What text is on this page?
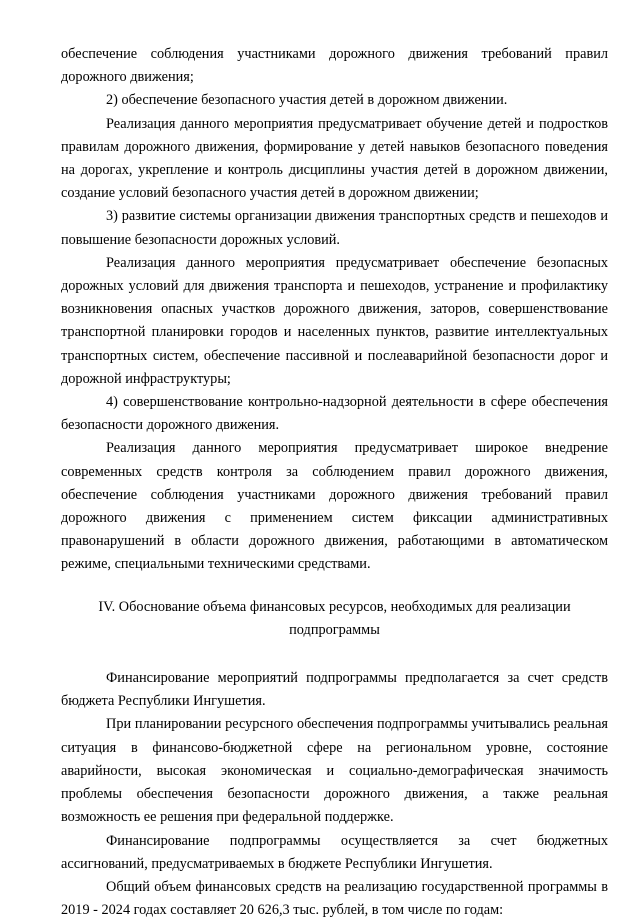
обеспечение соблюдения участниками дорожного движения требований правил дорожного движения;

2) обеспечение безопасного участия детей в дорожном движении.

Реализация данного мероприятия предусматривает обучение детей и подростков правилам дорожного движения, формирование у детей навыков безопасного поведения на дорогах, укрепление и контроль дисциплины участия детей в дорожном движении, создание условий безопасного участия детей в дорожном движении;

3) развитие системы организации движения транспортных средств и пешеходов и повышение безопасности дорожных условий.

Реализация данного мероприятия предусматривает обеспечение безопасных дорожных условий для движения транспорта и пешеходов, устранение и профилактику возникновения опасных участков дорожного движения, заторов, совершенствование транспортной планировки городов и населенных пунктов, развитие интеллектуальных транспортных систем, обеспечение пассивной и послеаварийной безопасности дорог и дорожной инфраструктуры;

4) совершенствование контрольно-надзорной деятельности в сфере обеспечения безопасности дорожного движения.

Реализация данного мероприятия предусматривает широкое внедрение современных средств контроля за соблюдением правил дорожного движения, обеспечение соблюдения участниками дорожного движения требований правил дорожного движения с применением систем фиксации административных правонарушений в области дорожного движения, работающими в автоматическом режиме, специальными техническими средствами.

IV. Обоснование объема финансовых ресурсов, необходимых для реализации
подпрограммы

Финансирование мероприятий подпрограммы предполагается за счет средств бюджета Республики Ингушетия.

При планировании ресурсного обеспечения подпрограммы учитывались реальная ситуация в финансово-бюджетной сфере на региональном уровне, состояние аварийности, высокая экономическая и социально-демографическая значимость проблемы обеспечения безопасности дорожного движения, а также реальная возможность ее решения при федеральной поддержке.

Финансирование подпрограммы осуществляется за счет бюджетных ассигнований, предусматриваемых в бюджете Республики Ингушетия.

Общий объем финансовых средств на реализацию государственной программы в 2019 - 2024 годах составляет 20 626,3 тыс. рублей, в том числе по годам:
